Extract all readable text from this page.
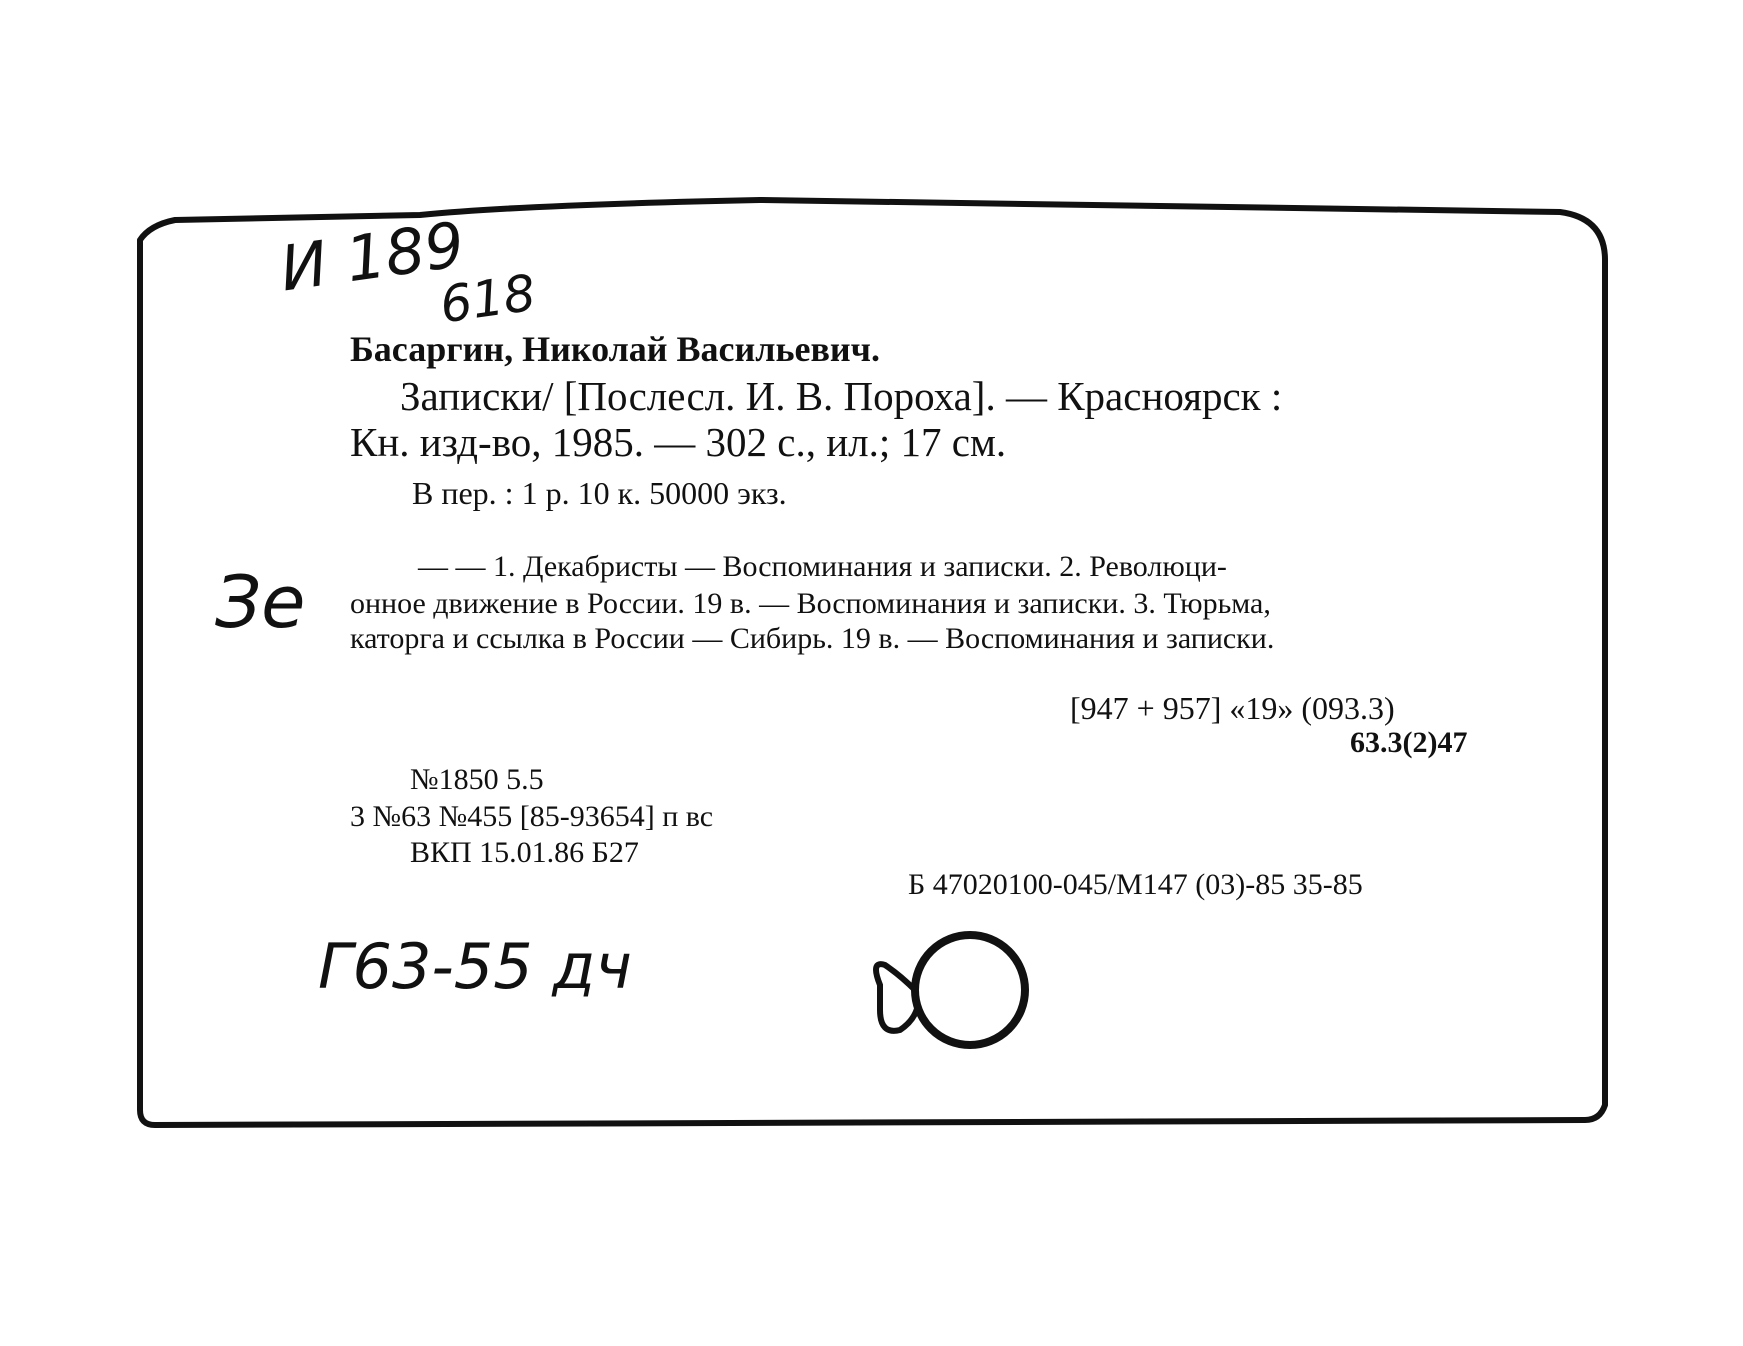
И 189
618
Басаргин, Николай Васильевич.
Записки/ [Послесл. И. В. Пороха]. — Красноярск :
Кн. изд-во, 1985. — 302 с., ил.; 17 см.
В пер. : 1 р. 10 к. 50000 экз.
Зе	— — 1. Декабристы — Воспоминания и записки. 2. Революци-
онное движение в России. 19 в. — Воспоминания и записки. 3. Тюрьма,
каторга и ссылка в России — Сибирь. 19 в. — Воспоминания и записки.
[947 + 957] «19» (093.3)
63.3(2)47
№1850 5.5
3 №63 №455 [85-93654] п вс
ВКП 15.01.86 Б27
Б 47020100-045/М147 (03)-85 35-85
Г63-55 дч
